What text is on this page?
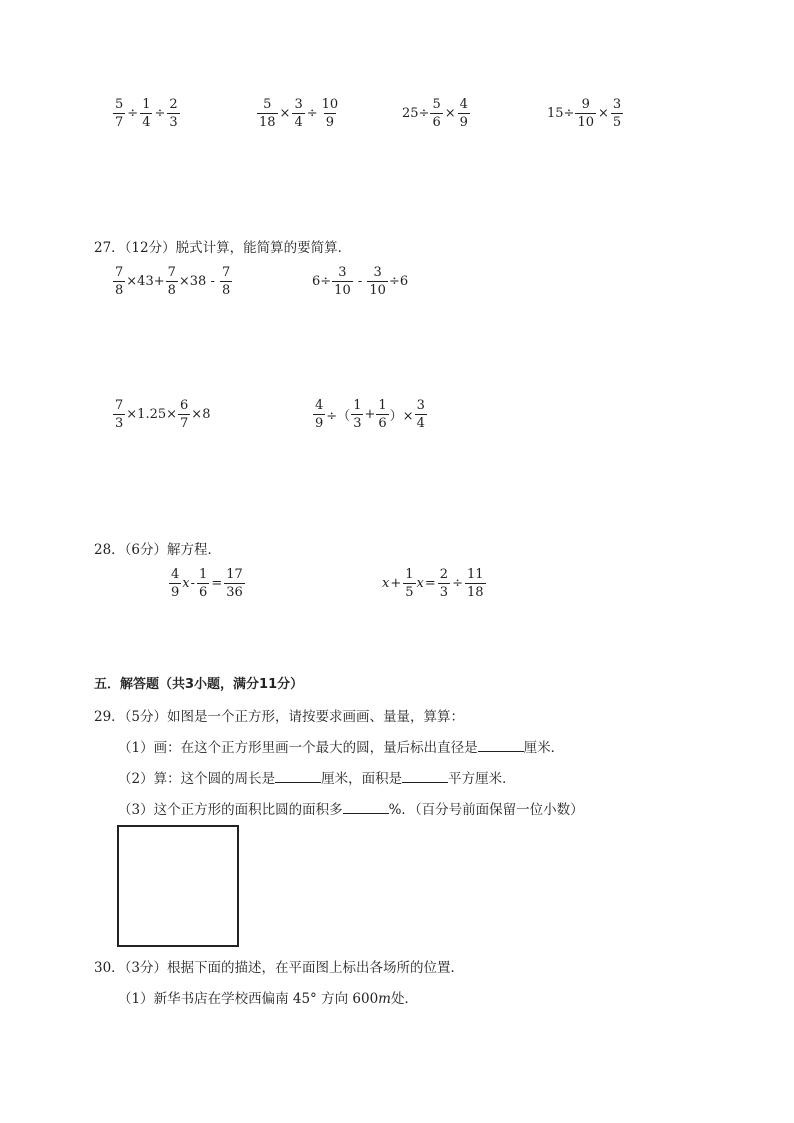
$\frac{5}{7} \div \frac{1}{4} \div \frac{2}{3}$	$\frac{5}{18} \times \frac{3}{4} \div \frac{10}{9}$	$25\div \frac{5}{6} \times \frac{4}{9}$	$15\div \frac{9}{10} \times \frac{3}{5}$
27．（12分）脱式计算，能简算的要简算．
$\frac{7}{8} \times 43+ \frac{7}{8} \times 38 - \frac{7}{8}$	$6\div \frac{3}{10} - \frac{3}{10} \div 6$
$\frac{7}{3} \times 1.25\times \frac{6}{7} \times 8$	$\frac{4}{9}$ ÷（ $\frac{1}{3} + \frac{1}{6}$ ）× $\frac{3}{4}$
28．（6分）解方程．
$\frac{4}{9}$ $x - \frac{1}{6} = \frac{17}{36}$	$x + \frac{1}{5}$ $x = \frac{2}{3} \div \frac{11}{18}$
五．解答题（共3小题，满分11分）
29．（5分）如图是一个正方形，请按要求画画、量量，算算：
（1）画：在这个正方形里画一个最大的圆，量后标出直径是	厘米．
（2）算：这个圆的周长是	厘米，面积是	平方厘米．
（3）这个正方形的面积比圆的面积多	%．（百分号前面保留一位小数）
30．（3分）根据下面的描述，在平面图上标出各场所的位置．
（1）新华书店在学校西偏南 45° 方向 600m处．
